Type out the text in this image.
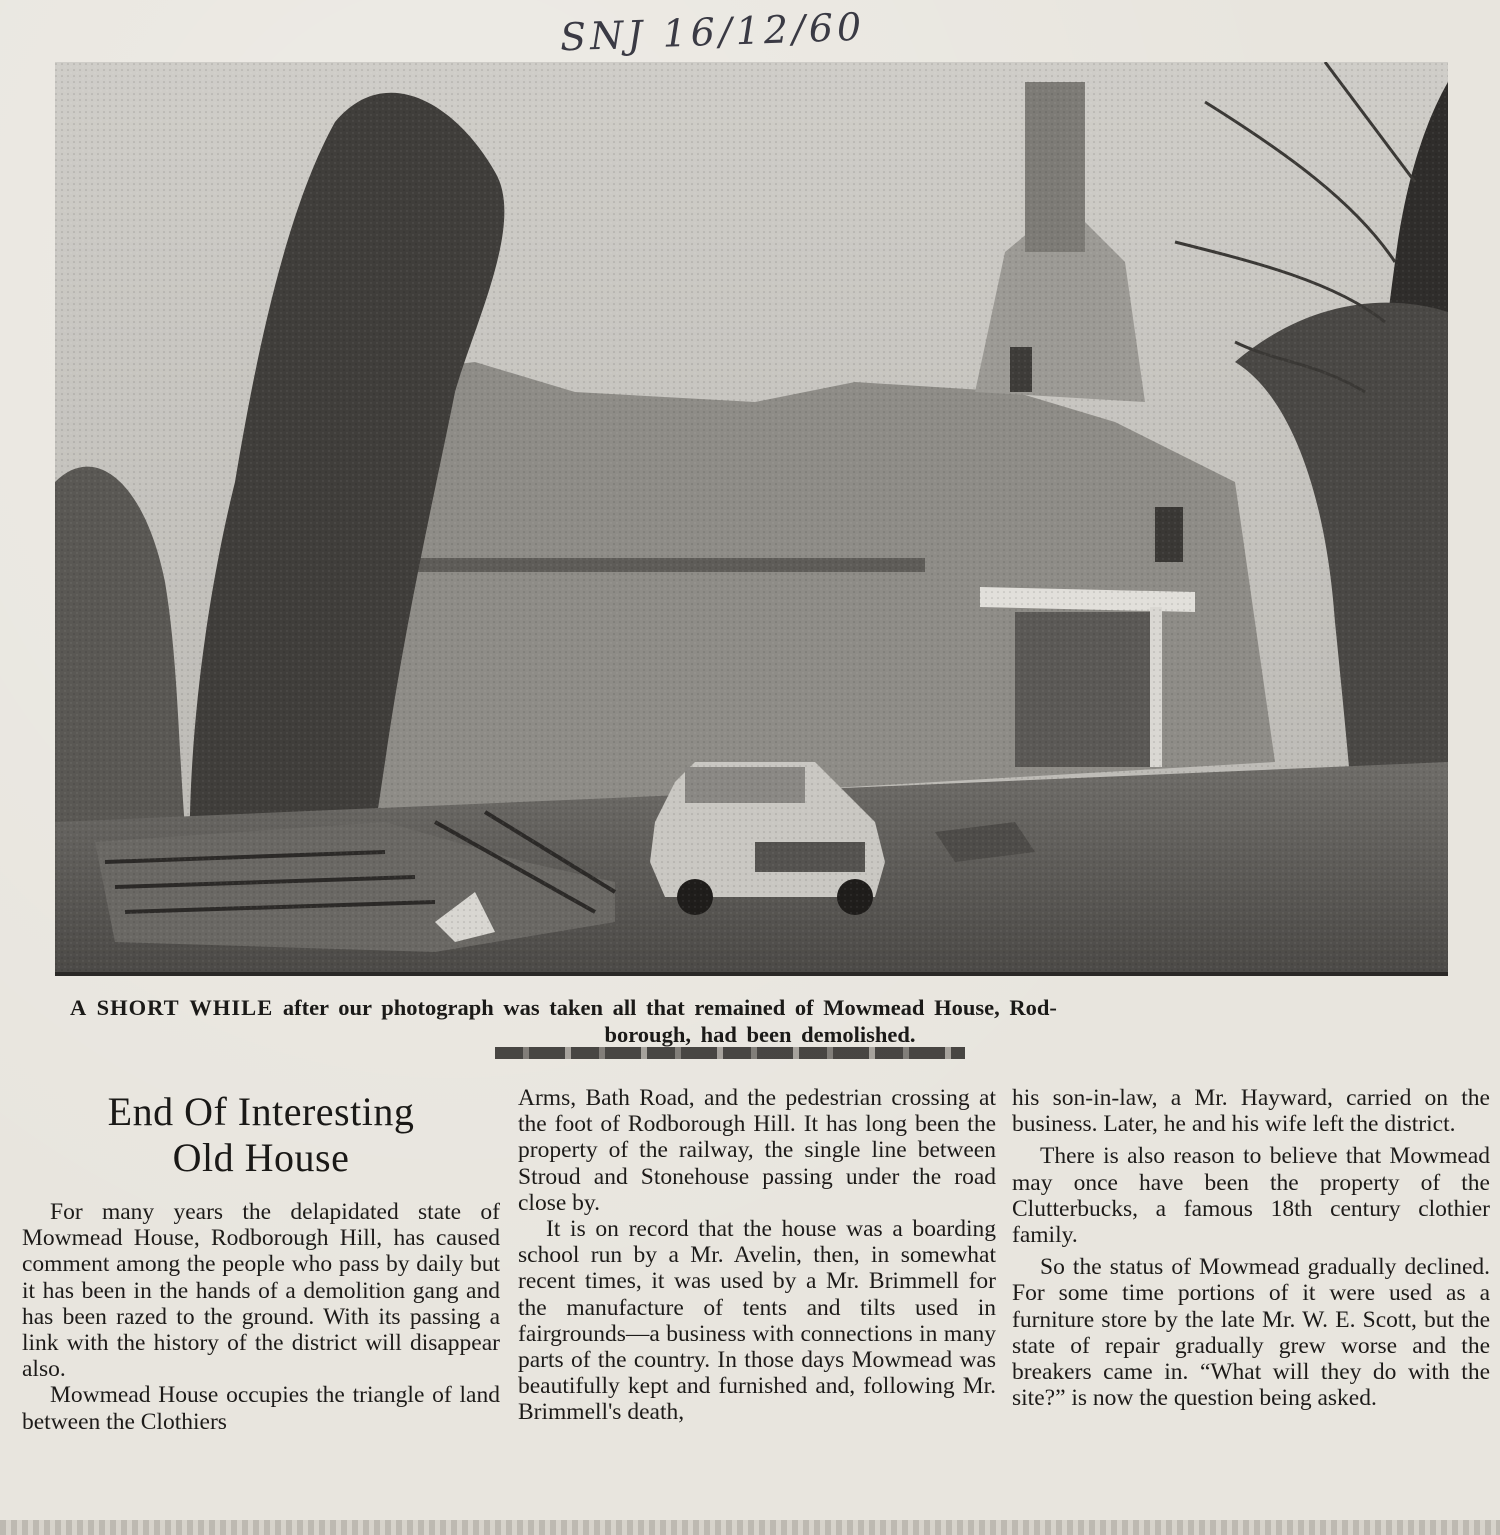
SNJ 16/12/60
A SHORT WHILE after our photograph was taken all that remained of Mowmead House, Rod-
borough, had been demolished.
End Of Interesting
Old House

For many years the delapidated state of Mowmead House, Rodborough Hill, has caused comment among the people who pass by daily but it has been in the hands of a demolition gang and has been razed to the ground. With its passing a link with the history of the district will disappear also.

Mowmead House occupies the triangle of land between the Clothiers

Arms, Bath Road, and the pedestrian crossing at the foot of Rodborough Hill. It has long been the property of the railway, the single line between Stroud and Stonehouse passing under the road close by.

It is on record that the house was a boarding school run by a Mr. Avelin, then, in somewhat recent times, it was used by a Mr. Brimmell for the manufacture of tents and tilts used in fairgrounds—a business with connections in many parts of the country. In those days Mowmead was beautifully kept and furnished and, following Mr. Brimmell's death,

his son-in-law, a Mr. Hayward, carried on the business. Later, he and his wife left the district.

There is also reason to believe that Mowmead may once have been the property of the Clutterbucks, a famous 18th century clothier family.

So the status of Mowmead gradually declined. For some time portions of it were used as a furniture store by the late Mr. W. E. Scott, but the state of repair gradually grew worse and the breakers came in. “What will they do with the site?” is now the question being asked.
